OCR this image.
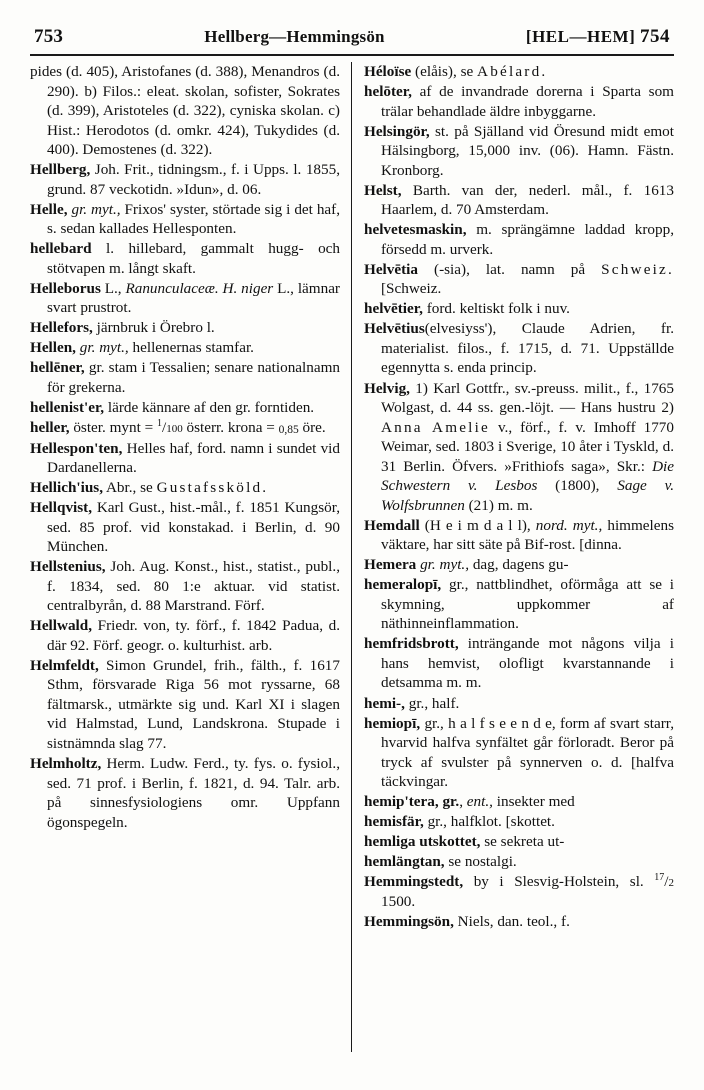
753	Hellberg—Hemmingsön	[HEL—HEM] 754

pides (d. 405), Aristofanes (d. 388), Menandros (d. 290). b) Filos.: eleat. skolan, sofister, Sokrates (d. 399), Aristoteles (d. 322), cyniska skolan. c) Hist.: Herodotos (d. omkr. 424), Tukydides (d. 400). Demostenes (d. 322).

Hellberg, Joh. Frit., tidningsm., f. i Upps. l. 1855, grund. 87 veckotidn. »Idun», d. 06.

Helle, gr. myt., Frixos' syster, störtade sig i det haf, s. sedan kallades Hellesponten.

hellebard l. hillebard, gammalt hugg- och stötvapen m. långt skaft.

Helleborus L., Ranunculaceæ. H. niger L., lämnar svart prustrot.

Hellefors, järnbruk i Örebro l.

Hellen, gr. myt., hellenernas stamfar.

hellēner, gr. stam i Tessalien; senare nationalnamn för grekerna.

hellenist'er, lärde kännare af den gr. forntiden.

heller, öster. mynt = $^1$/100 österr. krona = 0,85 öre.

Hellespon'ten, Helles haf, ford. namn i sundet vid Dardanellerna.

Hellich'ius, Abr., se Gustafssköld.

Hellqvist, Karl Gust., hist.-mål., f. 1851 Kungsör, sed. 85 prof. vid konstakad. i Berlin, d. 90 München.

Hellstenius, Joh. Aug. Konst., hist., statist., publ., f. 1834, sed. 80 1:e aktuar. vid statist. centralbyrån, d. 88 Marstrand. Förf.

Hellwald, Friedr. von, ty. förf., f. 1842 Padua, d. där 92. Förf. geogr. o. kulturhist. arb.

Helmfeldt, Simon Grundel, frih., fälth., f. 1617 Sthm, försvarade Riga 56 mot ryssarne, 68 fältmarsk., utmärkte sig und. Karl XI i slagen vid Halmstad, Lund, Landskrona. Stupade i sistnämnda slag 77.

Helmholtz, Herm. Ludw. Ferd., ty. fys. o. fysiol., sed. 71 prof. i Berlin, f. 1821, d. 94. Talr. arb. på sinnesfysiologiens omr. Uppfann ögonspegeln.

Héloïse (elåis), se Abélard.

helōter, af de invandrade dorerna i Sparta som trälar behandlade äldre inbyggarne.

Helsingör, st. på Själland vid Öresund midt emot Hälsingborg, 15,000 inv. (06). Hamn. Fästn. Kronborg.

Helst, Barth. van der, nederl. mål., f. 1613 Haarlem, d. 70 Amsterdam.

helvetesmaskin, m. sprängämne laddad kropp, försedd m. urverk.

Helvētia (-sia), lat. namn på Schweiz. [Schweiz.

helvētier, ford. keltiskt folk i nuv.

Helvētius(elvesiyss'), Claude Adrien, fr. materialist. filos., f. 1715, d. 71. Uppställde egennytta s. enda princip.

Helvig, 1) Karl Gottfr., sv.-preuss. milit., f., 1765 Wolgast, d. 44 ss. gen.-löjt. — Hans hustru 2) Anna Amelie v., förf., f. v. Imhoff 1770 Weimar, sed. 1803 i Sverige, 10 åter i Tyskld, d. 31 Berlin. Öfvers. »Frithiofs saga», Skr.: Die Schwestern v. Lesbos (1800), Sage v. Wolfsbrunnen (21) m. m.

Hemdall (H e i m d a l l), nord. myt., himmelens väktare, har sitt säte på Bif-rost. [dinna.

Hemera gr. myt., dag, dagens gu-

hemeralopī, gr., nattblindhet, oförmåga att se i skymning, uppkommer af näthinneinflammation.

hemfridsbrott, inträngande mot någons vilja i hans hemvist, olofligt kvarstannande i detsamma m. m.

hemi-, gr., half.

hemiopī, gr., h a l f s e e n d e, form af svart starr, hvarvid halfva synfältet går förloradt. Beror på tryck af svulster på synnerven o. d. [halfva täckvingar.

hemip'tera, gr., ent., insekter med

hemisfär, gr., halfklot. [skottet.

hemliga utskottet, se sekreta ut-

hemlängtan, se nostalgi.

Hemmingstedt, by i Slesvig-Holstein, sl. $^{17}$/2 1500.

Hemmingsön, Niels, dan. teol., f.
